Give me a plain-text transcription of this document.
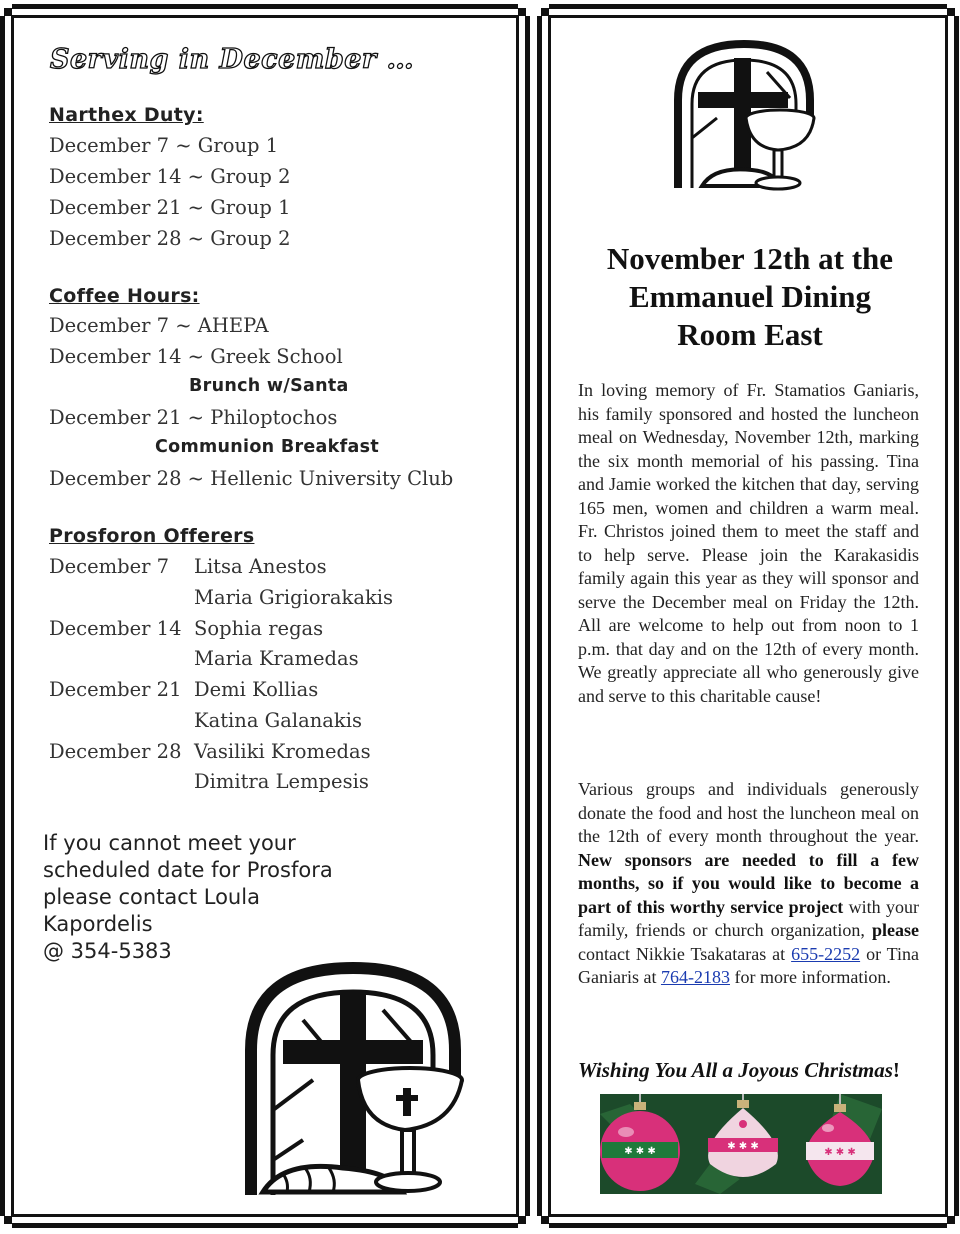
Serving in December …
Narthex Duty:
December 7 ~ Group 1
December 14 ~ Group 2
December 21 ~ Group 1
December 28 ~ Group 2
Coffee Hours:
December 7 ~ AHEPA
December 14 ~ Greek School
Brunch w/Santa
December 21 ~ Philoptochos
Communion Breakfast
December 28 ~ Hellenic University Club
Prosforon Offerers
December 7 Litsa Anestos
Maria Grigiorakakis
December 14 Sophia regas
Maria Kramedas
December 21 Demi Kollias
Katina Galanakis
December 28 Vasiliki Kromedas
Dimitra Lempesis
If you cannot meet your
scheduled date for Prosfora
please contact Loula
Kapordelis
@ 354-5383
November 12th at the
Emmanuel Dining
Room East

In loving memory of Fr. Stamatios Ganiaris, his family sponsored and hosted the luncheon meal on Wednesday, November 12th, marking the six month memorial of his passing. Tina and Jamie worked the kitchen that day, serving 165 men, women and children a warm meal. Fr. Christos joined them to meet the staff and to help serve. Please join the Karakasidis family again this year as they will sponsor and serve the December meal on Friday the 12th. All are welcome to help out from noon to 1 p.m. that day and on the 12th of every month. We greatly appreciate all who generously give and serve to this charitable cause!

Various groups and individuals generously donate the food and host the luncheon meal on the 12th of every month throughout the year. New sponsors are needed to fill a few months, so if you would like to become a part of this worthy service project with your family, friends or church organization, please contact Nikkie Tsakataras at 655-2252 or Tina Ganiaris at 764-2183 for more information.

Wishing You All a Joyous Christmas!
✱ ✱ ✱	✱ ✱ ✱
✱ ✱ ✱
